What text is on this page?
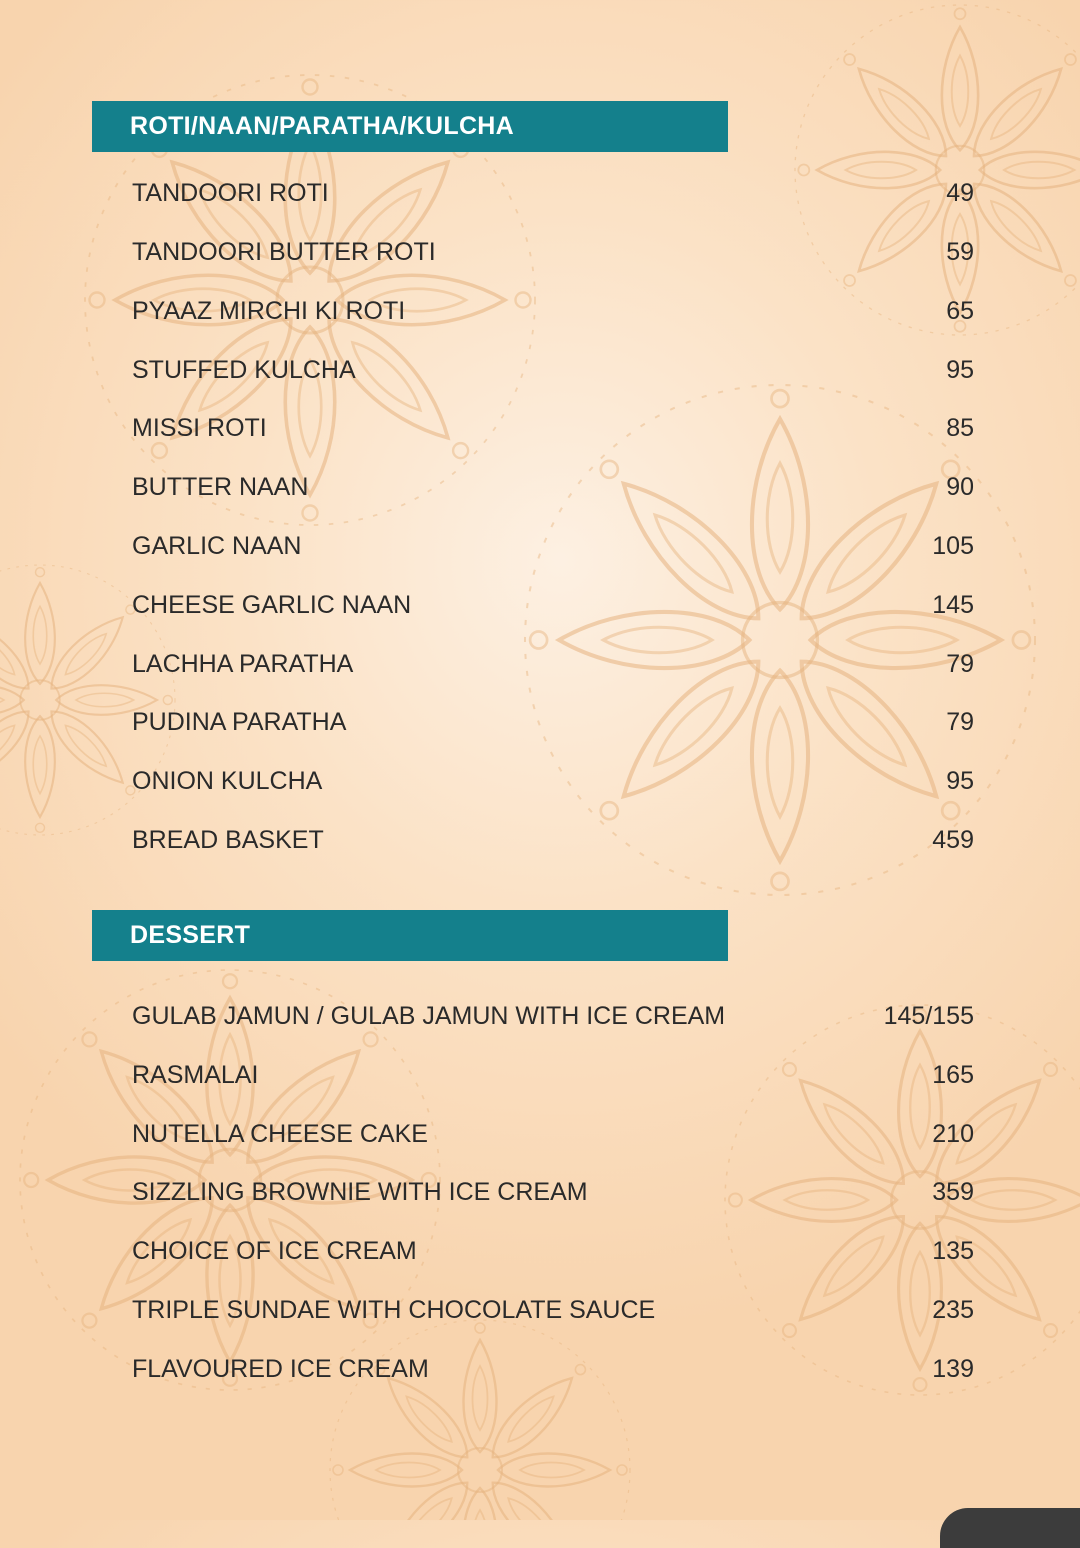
ROTI/NAAN/PARATHA/KULCHA
TANDOORI ROTI	49
TANDOORI BUTTER ROTI	59
PYAAZ MIRCHI KI ROTI	65
STUFFED KULCHA	95
MISSI ROTI	85
BUTTER NAAN	90
GARLIC NAAN	105
CHEESE GARLIC NAAN	145
LACHHA PARATHA	79
PUDINA PARATHA	79
ONION KULCHA	95
BREAD BASKET	459
DESSERT
GULAB JAMUN / GULAB JAMUN WITH ICE CREAM	145/155
RASMALAI	165
NUTELLA CHEESE CAKE	210
SIZZLING BROWNIE WITH ICE CREAM	359
CHOICE OF ICE CREAM	135
TRIPLE SUNDAE WITH CHOCOLATE SAUCE	235
FLAVOURED ICE CREAM	139
